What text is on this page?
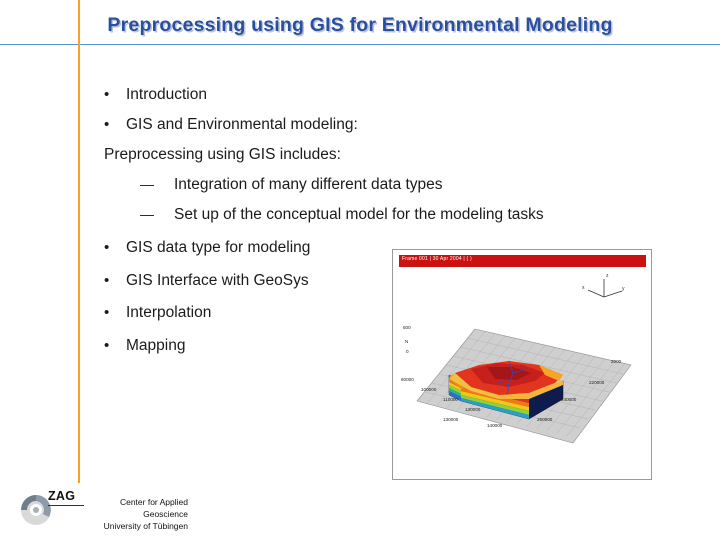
Preprocessing using GIS for Environmental Modeling
•	Introduction
•	GIS and Environmental modeling:
Preprocessing using GIS includes:
—	Integration of many different data types
—	Set up of the conceptual model for the modeling tasks
•	GIS data type for modeling
•	GIS Interface with GeoSys
•	Interpolation
•	Mapping
Frame 001 | 30 Apr 2004 | ( )
z
x	y
500
N
0
60000
100000
110000
130000
130000
140000
2000
220000
240000
260000
ZAG	Center for Applied
Geoscience
University of Tübingen
